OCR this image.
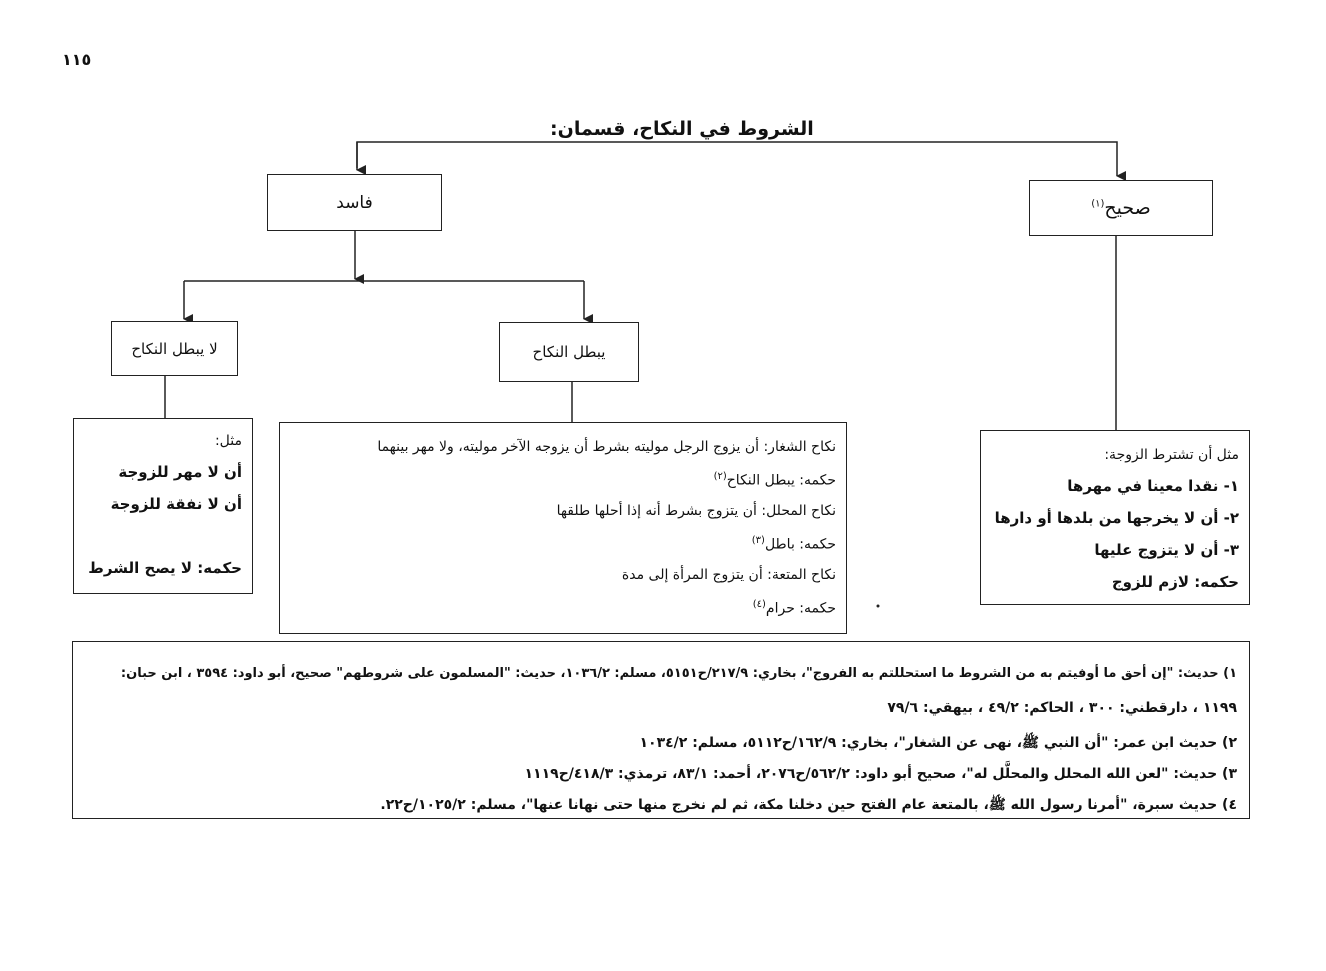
١١٥
الشروط في النكاح، قسمان:
صحيح$^{(١)}$
فاسد
يبطل النكاح
لا يبطل النكاح
مثل أن تشترط الزوجة:
١- نقدا معينا في مهرها
٢- أن لا يخرجها من بلدها أو دارها
٣- أن لا يتزوج عليها
حكمه: لازم للزوج
نكاح الشغار: أن يزوج الرجل موليته بشرط أن يزوجه الآخر موليته، ولا مهر بينهما
حكمه: يبطل النكاح$^{(٢)}$
نكاح المحلل: أن يتزوج بشرط أنه إذا أحلها طلقها
حكمه: باطل$^{(٣)}$
نكاح المتعة: أن يتزوج المرأة إلى مدة
حكمه: حرام$^{(٤)}$
مثل:
أن لا مهر للزوجة
أن لا نفقة للزوجة
حكمه: لا يصح الشرط
١) حديث: "إن أحق ما أوفيتم به من الشروط ما استحللتم به الفروج"، بخاري: ٢١٧/٩/ح٥١٥١، مسلم: ١٠٣٦/٢، حديث: "المسلمون على شروطهم" صحيح، أبو داود: ٣٥٩٤ ، ابن حبان:
١١٩٩ ، دارقطني: ٣٠٠ ، الحاكم: ٤٩/٢ ، بيهقي: ٧٩/٦
٢) حديث ابن عمر: "أن النبي ﷺ، نهى عن الشغار"، بخاري: ١٦٢/٩/ح٥١١٢، مسلم: ١٠٣٤/٢
٣) حديث: "لعن الله المحلل والمحلَّل له"، صحيح أبو داود: ٥٦٢/٢/ح٢٠٧٦، أحمد: ٨٣/١، ترمذي: ٤١٨/٣/ح١١١٩
٤) حديث سبرة، "أمرنا رسول الله ﷺ، بالمتعة عام الفتح حين دخلنا مكة، ثم لم نخرج منها حتى نهانا عنها"، مسلم: ١٠٢٥/٢/ح٢٢.
